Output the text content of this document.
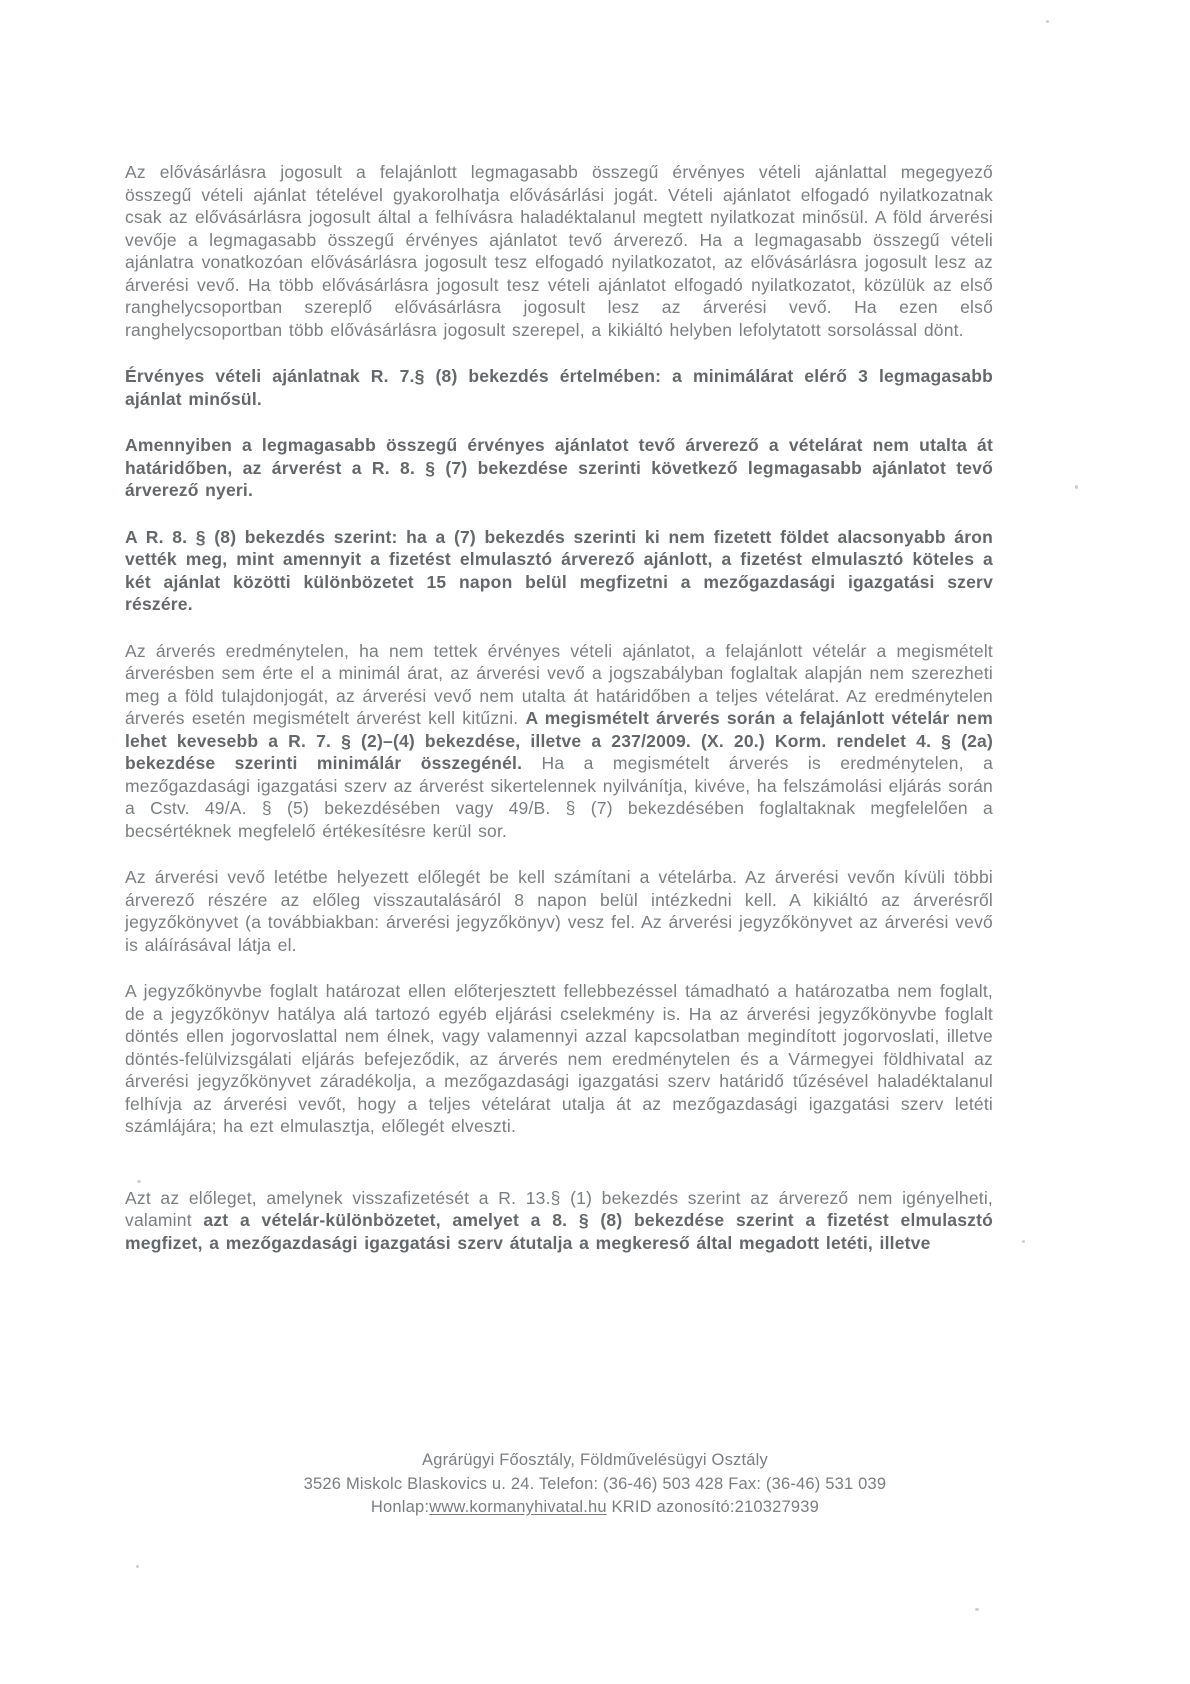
Az elővásárlásra jogosult a felajánlott legmagasabb összegű érvényes vételi ajánlattal megegyező összegű vételi ajánlat tételével gyakorolhatja elővásárlási jogát. Vételi ajánlatot elfogadó nyilatkozatnak csak az elővásárlásra jogosult által a felhívásra haladéktalanul megtett nyilatkozat minősül. A föld árverési vevője a legmagasabb összegű érvényes ajánlatot tevő árverező. Ha a legmagasabb összegű vételi ajánlatra vonatkozóan elővásárlásra jogosult tesz elfogadó nyilatkozatot, az elővásárlásra jogosult lesz az árverési vevő. Ha több elővásárlásra jogosult tesz vételi ajánlatot elfogadó nyilatkozatot, közülük az első ranghelycsoportban szereplő elővásárlásra jogosult lesz az árverési vevő. Ha ezen első ranghelycsoportban több elővásárlásra jogosult szerepel, a kikiáltó helyben lefolytatott sorsolással dönt.

Érvényes vételi ajánlatnak R. 7.§ (8) bekezdés értelmében: a minimálárat elérő 3 legmagasabb ajánlat minősül.

Amennyiben a legmagasabb összegű érvényes ajánlatot tevő árverező a vételárat nem utalta át határidőben, az árverést a R. 8. § (7) bekezdése szerinti következő legmagasabb ajánlatot tevő árverező nyeri.

A R. 8. § (8) bekezdés szerint: ha a (7) bekezdés szerinti ki nem fizetett földet alacsonyabb áron vették meg, mint amennyit a fizetést elmulasztó árverező ajánlott, a fizetést elmulasztó köteles a két ajánlat közötti különbözetet 15 napon belül megfizetni a mezőgazdasági igazgatási szerv részére.

Az árverés eredménytelen, ha nem tettek érvényes vételi ajánlatot, a felajánlott vételár a megismételt árverésben sem érte el a minimál árat, az árverési vevő a jogszabályban foglaltak alapján nem szerezheti meg a föld tulajdonjogát, az árverési vevő nem utalta át határidőben a teljes vételárat. Az eredménytelen árverés esetén megismételt árverést kell kitűzni. A megismételt árverés során a felajánlott vételár nem lehet kevesebb a R. 7. § (2)–(4) bekezdése, illetve a 237/2009. (X. 20.) Korm. rendelet 4. § (2a) bekezdése szerinti minimálár összegénél. Ha a megismételt árverés is eredménytelen, a mezőgazdasági igazgatási szerv az árverést sikertelennek nyilvánítja, kivéve, ha felszámolási eljárás során a Cstv. 49/A. § (5) bekezdésében vagy 49/B. § (7) bekezdésében foglaltaknak megfelelően a becsértéknek megfelelő értékesítésre kerül sor.

Az árverési vevő letétbe helyezett előlegét be kell számítani a vételárba. Az árverési vevőn kívüli többi árverező részére az előleg visszautalásáról 8 napon belül intézkedni kell. A kikiáltó az árverésről jegyzőkönyvet (a továbbiakban: árverési jegyzőkönyv) vesz fel. Az árverési jegyzőkönyvet az árverési vevő is aláírásával látja el.

A jegyzőkönyvbe foglalt határozat ellen előterjesztett fellebbezéssel támadható a határozatba nem foglalt, de a jegyzőkönyv hatálya alá tartozó egyéb eljárási cselekmény is. Ha az árverési jegyzőkönyvbe foglalt döntés ellen jogorvoslattal nem élnek, vagy valamennyi azzal kapcsolatban megindított jogorvoslati, illetve döntés-felülvizsgálati eljárás befejeződik, az árverés nem eredménytelen és a Vármegyei földhivatal az árverési jegyzőkönyvet záradékolja, a mezőgazdasági igazgatási szerv határidő tűzésével haladéktalanul felhívja az árverési vevőt, hogy a teljes vételárat utalja át az mezőgazdasági igazgatási szerv letéti számlájára; ha ezt elmulasztja, előlegét elveszti.

Azt az előleget, amelynek visszafizetését a R. 13.§ (1) bekezdés szerint az árverező nem igényelheti, valamint azt a vételár-különbözetet, amelyet a 8. § (8) bekezdése szerint a fizetést elmulasztó megfizet, a mezőgazdasági igazgatási szerv átutalja a megkereső által megadott letéti, illetve

Agrárügyi Főosztály, Földművelésügyi Osztály
3526 Miskolc Blaskovics u. 24. Telefon: (36-46) 503 428 Fax: (36-46) 531 039
Honlap:www.kormanyhivatal.hu KRID azonosító:210327939
